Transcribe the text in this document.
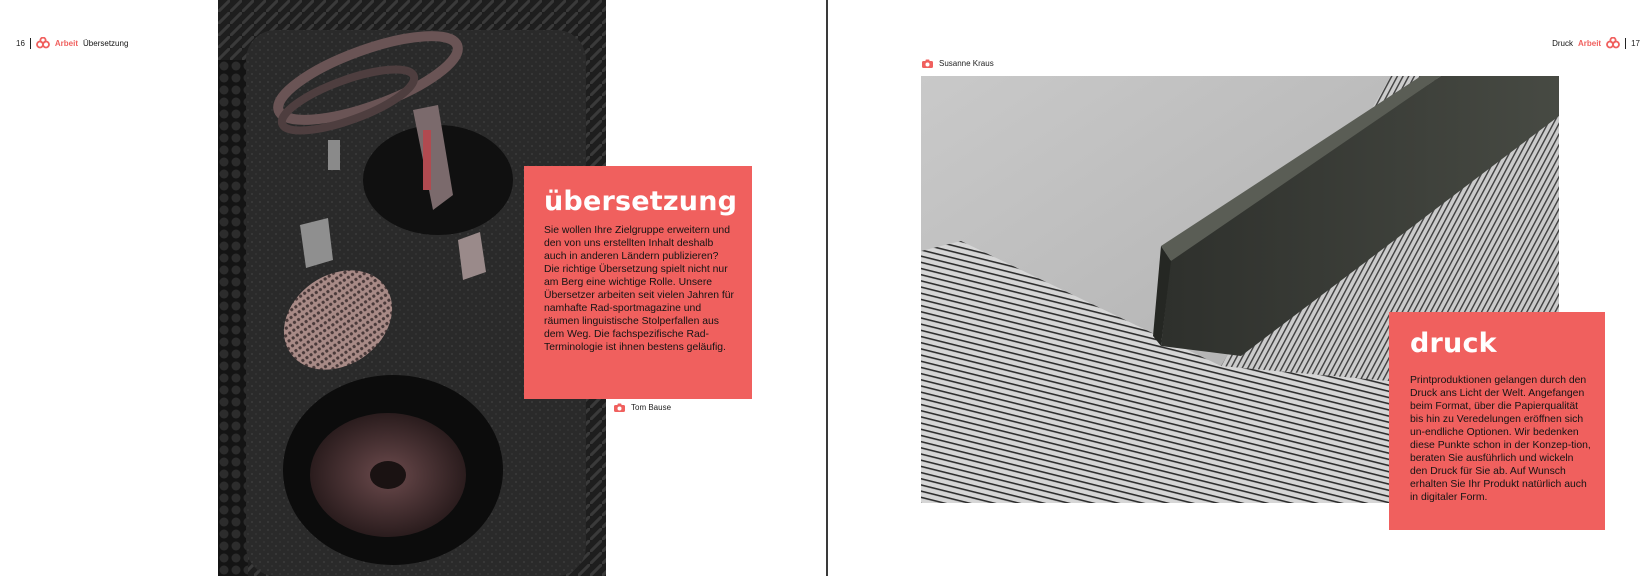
16	Arbeit Übersetzung
übersetzung

Sie wollen Ihre Zielgruppe erweitern und den von uns erstellten Inhalt deshalb auch in anderen Ländern publizieren? Die richtige Übersetzung spielt nicht nur am Berg eine wichtige Rolle. Unsere Übersetzer arbeiten seit vielen Jahren für namhafte Rad-sportmagazine und räumen linguistische Stolperfallen aus dem Weg. Die fachspezifische Rad-Terminologie ist ihnen bestens geläufig.

Tom Bause
Druck Arbeit	17
Susanne Kraus
druck

Printproduktionen gelangen durch den Druck ans Licht der Welt. Angefangen beim Format, über die Papierqualität bis hin zu Veredelungen eröffnen sich un-endliche Optionen. Wir bedenken diese Punkte schon in der Konzep-tion, beraten Sie ausführlich und wickeln den Druck für Sie ab. Auf Wunsch erhalten Sie Ihr Produkt natürlich auch in digitaler Form.
